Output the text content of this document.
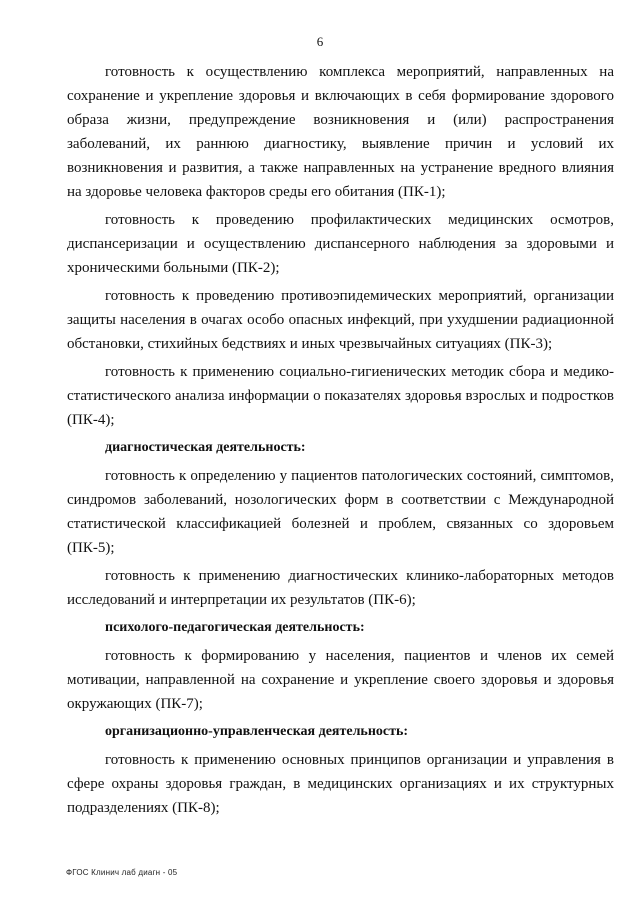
6

готовность к осуществлению комплекса мероприятий, направленных на сохранение и укрепление здоровья и включающих в себя формирование здорового образа жизни, предупреждение возникновения и (или) распространения заболеваний, их раннюю диагностику, выявление причин и условий их возникновения и развития, а также направленных на устранение вредного влияния на здоровье человека факторов среды его обитания (ПК-1);

готовность к проведению профилактических медицинских осмотров, диспансеризации и осуществлению диспансерного наблюдения за здоровыми и хроническими больными (ПК-2);

готовность к проведению противоэпидемических мероприятий, организации защиты населения в очагах особо опасных инфекций, при ухудшении радиационной обстановки, стихийных бедствиях и иных чрезвычайных ситуациях (ПК-3);

готовность к применению социально-гигиенических методик сбора и медико-статистического анализа информации о показателях здоровья взрослых и подростков (ПК-4);

диагностическая деятельность:

готовность к определению у пациентов патологических состояний, симптомов, синдромов заболеваний, нозологических форм в соответствии с Международной статистической классификацией болезней и проблем, связанных со здоровьем (ПК-5);

готовность к применению диагностических клинико-лабораторных методов исследований и интерпретации их результатов (ПК-6);

психолого-педагогическая деятельность:

готовность к формированию у населения, пациентов и членов их семей мотивации, направленной на сохранение и укрепление своего здоровья и здоровья окружающих (ПК-7);

организационно-управленческая деятельность:

готовность к применению основных принципов организации и управления в сфере охраны здоровья граждан, в медицинских организациях и их структурных подразделениях (ПК-8);

ФГОС Клинич лаб диагн - 05
